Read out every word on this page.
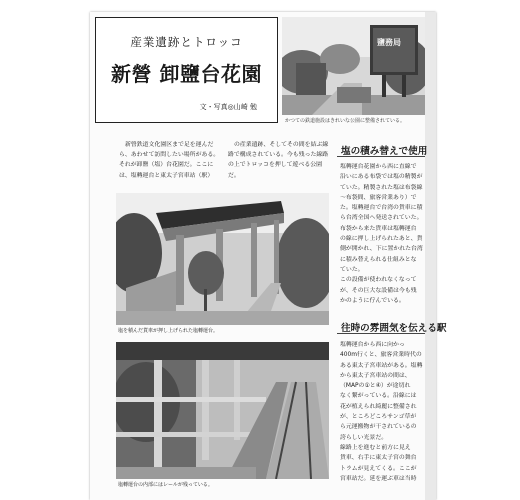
産業遺跡とトロッコ
新營 卸鹽台花園
文・写真◎山崎 勉
鹽務局
かつての鉄道施設はきれいな公園に整備されている。

新營鉄道文化園区まで足を運んだら、あわせて訪問したい場所がある。それが卸鹽（塩）台花園だ。ここには、塩轉運台と東太子宮車站（駅）

の産業遺跡、そしてその間を結ぶ線路で構成されている。今も残った線路の上でトロッコを押して遊べる公園だ。

塩を積んだ貨車が押し上げられた塩轉運台。
塩轉運台の内部にはレールが残っている。
塩の積み替えで使用

塩轉運台花園から西に直線で

沿いにある布袋では塩の精製が

ていた。精製された塩は布袋線

～布袋間、旅客営業あり）で

た。塩轉運台で台湾の貨車に積

ら台湾全国へ発送されていた。

布袋から来た貨車は塩轉運台

の線に押し上げられたあと、貨

側が開かれ、下に置かれた台湾

に積み替えられる仕組みとな

ていた。

この設備が使われなくなって

が、その巨大な設備は今も残

かのように佇んでいる。

往時の雰囲気を伝える駅

塩轉運台から西に向かっ

400m行くと、旅客営業時代の

ある東太子宮車站がある。塩轉

から東太子宮車站の間は、

（MAPの①と④）が途切れ

なく繋がっている。沿線には

花が植えられ綺麗に整備され

が、ところどころサンゴ草が

ら元運搬物が干されているの

誇らしい光景だ。

線路上を進むと前方に見え

貨車、右手に東太子宮の舞台

トラムが見えてくる。ここが

宮車站だ。延を運ぶ車は当時
